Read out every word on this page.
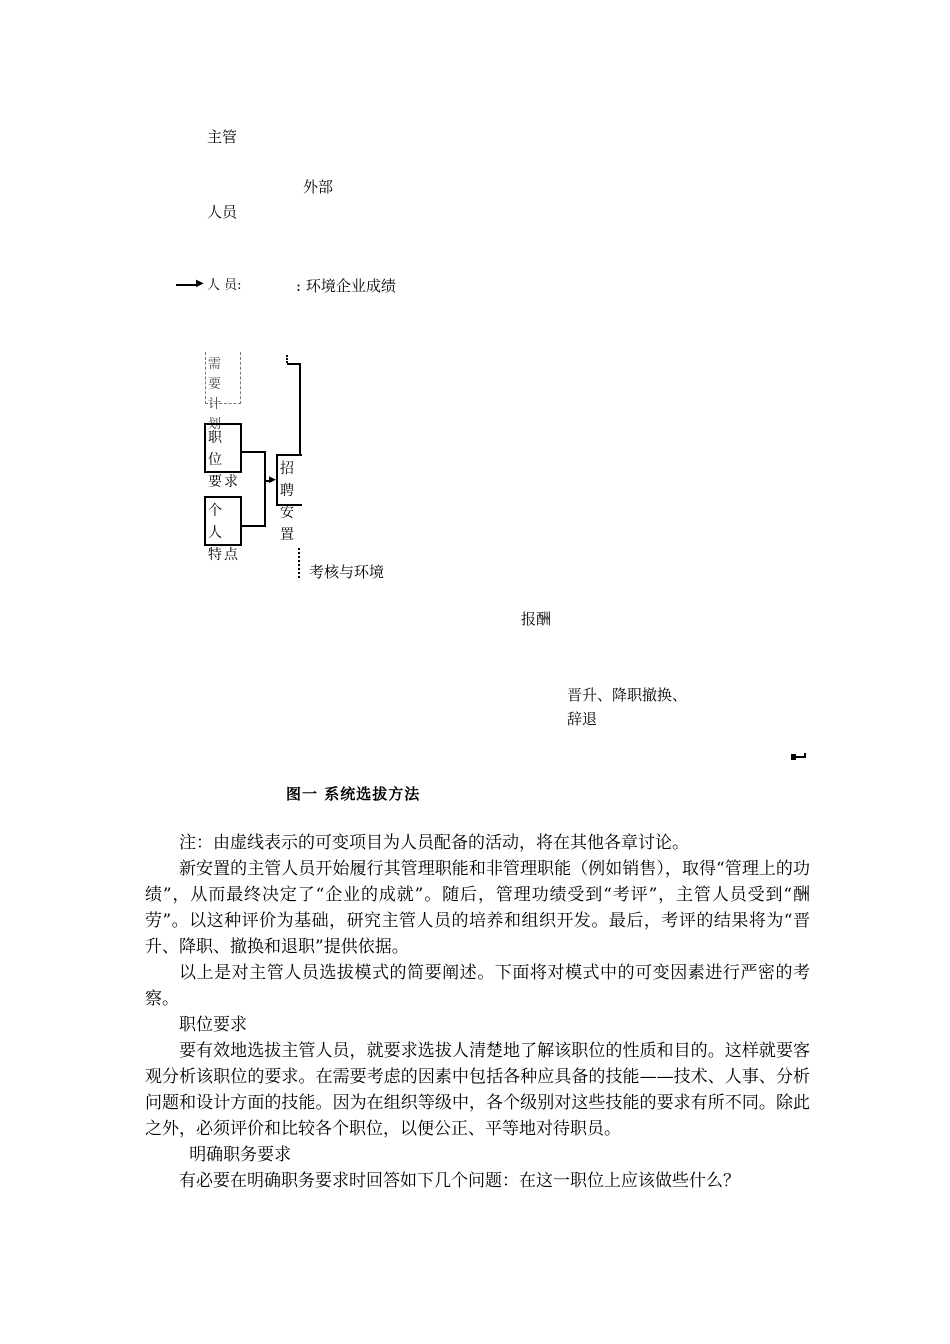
主管
外部
人员
▶ 人 员:	: 环境企业成绩
需 要
计 划
职 位
要求
个 人
特点
▶
招聘
安置
考核与环境
报酬
晋升、降职撤换、
辞退
图一 系统选拔方法

注：由虚线表示的可变项目为人员配备的活动，将在其他各章讨论。

新安置的主管人员开始履行其管理职能和非管理职能（例如销售），取得“管理上的功绩”，从而最终决定了“企业的成就”。随后，管理功绩受到“考评”，主管人员受到“酬劳”。以这种评价为基础，研究主管人员的培养和组织开发。最后，考评的结果将为“晋升、降职、撤换和退职”提供依据。

以上是对主管人员选拔模式的简要阐述。下面将对模式中的可变因素进行严密的考察。

职位要求

要有效地选拔主管人员，就要求选拔人清楚地了解该职位的性质和目的。这样就要客观分析该职位的要求。在需要考虑的因素中包括各种应具备的技能——技术、人事、分析问题和设计方面的技能。因为在组织等级中，各个级别对这些技能的要求有所不同。除此之外，必须评价和比较各个职位，以便公正、平等地对待职员。

明确职务要求

有必要在明确职务要求时回答如下几个问题：在这一职位上应该做些什么？
